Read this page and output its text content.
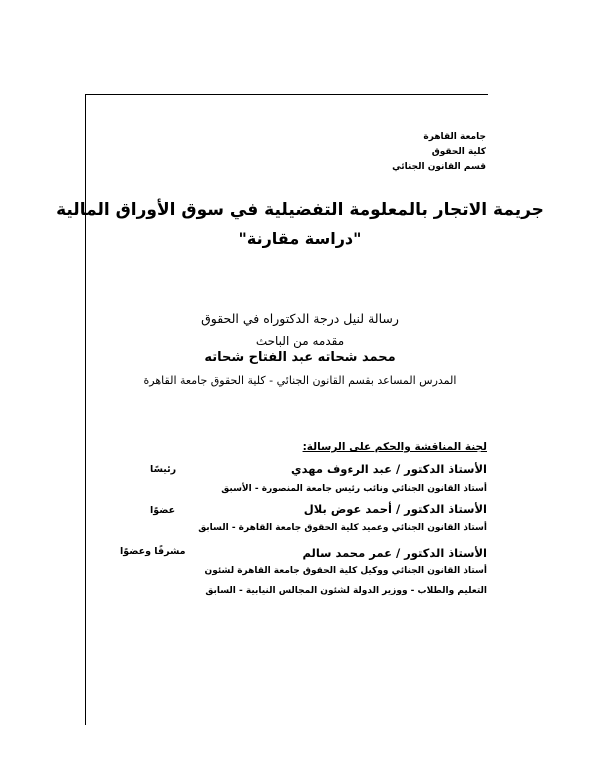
جامعة القاهرة
كلية الحقوق
قسم القانون الجنائي
جريمة الاتجار بالمعلومة التفضيلية في سوق الأوراق المالية
"دراسة مقارنة"
رسالة لنيل درجة الدكتوراه في الحقوق
مقدمه من الباحث
محمد شحاته عبد الفتاح شحاته
المدرس المساعد بقسم القانون الجنائي - كلية الحقوق جامعة القاهرة
لجنة المناقشة والحكم على الرسالة:
الأستاذ الدكتور / عبد الرءوف مهدي
رئيسًا
أستاذ القانون الجنائي ونائب رئيس جامعة المنصورة - الأسبق
الأستاذ الدكتور / أحمد عوض بلال
عضوًا
أستاذ القانون الجنائي وعميد كلية الحقوق جامعة القاهرة - السابق
الأستاذ الدكتور / عمر محمد سالم
مشرفًا وعضوًا
أستاذ القانون الجنائي ووكيل كلية الحقوق جامعة القاهرة لشئون
التعليم والطلاب - ووزير الدولة لشئون المجالس النيابية - السابق
